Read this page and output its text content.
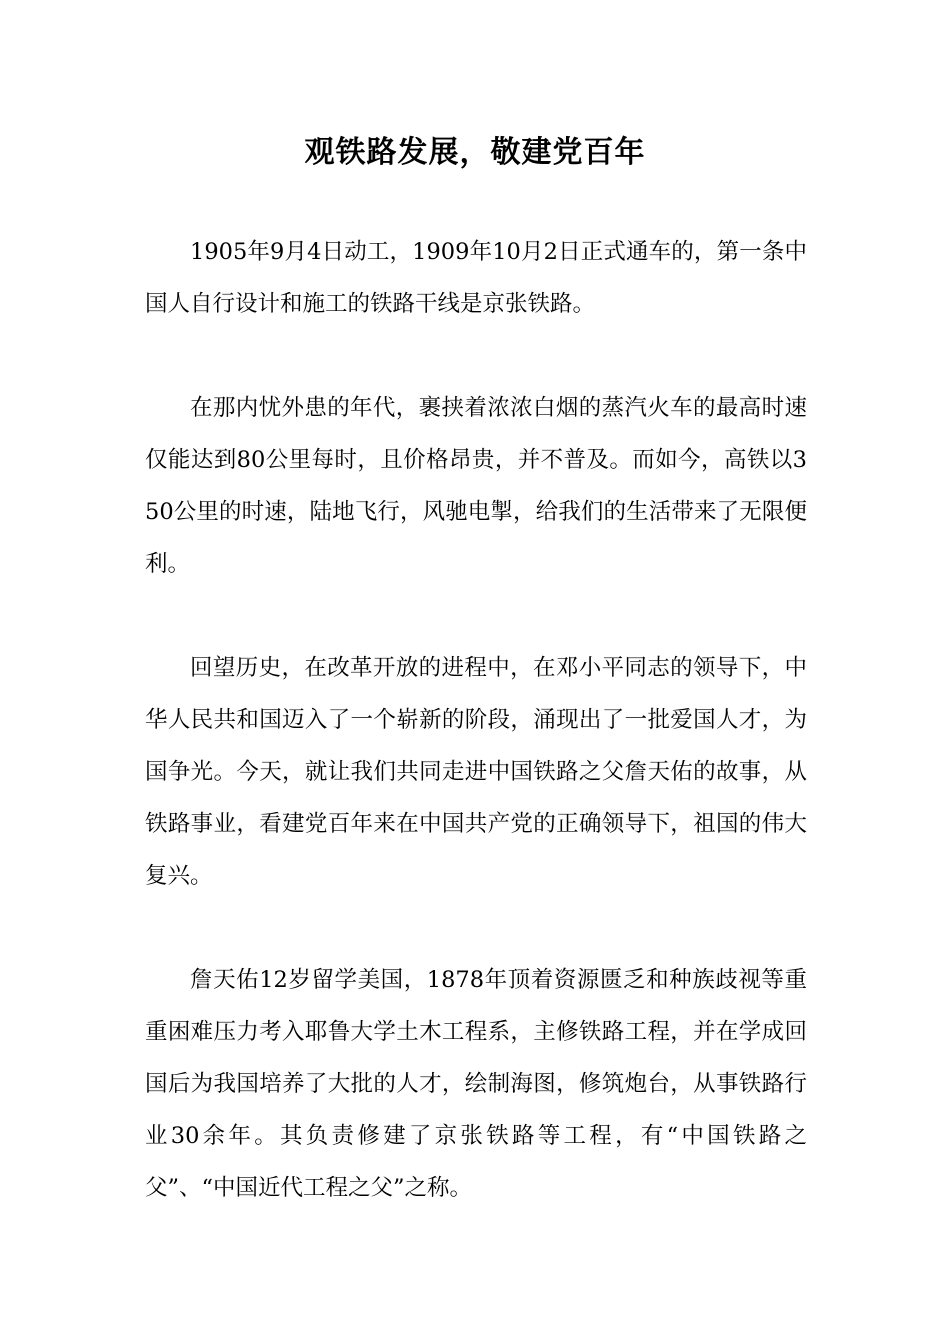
观铁路发展，敬建党百年

1905年9月4日动工，1909年10月2日正式通车的，第一条中国人自行设计和施工的铁路干线是京张铁路。

在那内忧外患的年代，裹挟着浓浓白烟的蒸汽火车的最高时速仅能达到80公里每时，且价格昂贵，并不普及。而如今，高铁以350公里的时速，陆地飞行，风驰电掣，给我们的生活带来了无限便利。

回望历史，在改革开放的进程中，在邓小平同志的领导下，中华人民共和国迈入了一个崭新的阶段，涌现出了一批爱国人才，为国争光。今天，就让我们共同走进中国铁路之父詹天佑的故事，从铁路事业，看建党百年来在中国共产党的正确领导下，祖国的伟大复兴。

詹天佑12岁留学美国，1878年顶着资源匮乏和种族歧视等重重困难压力考入耶鲁大学土木工程系，主修铁路工程，并在学成回国后为我国培养了大批的人才，绘制海图，修筑炮台，从事铁路行业30余年。其负责修建了京张铁路等工程，有“中国铁路之父”、“中国近代工程之父”之称。
